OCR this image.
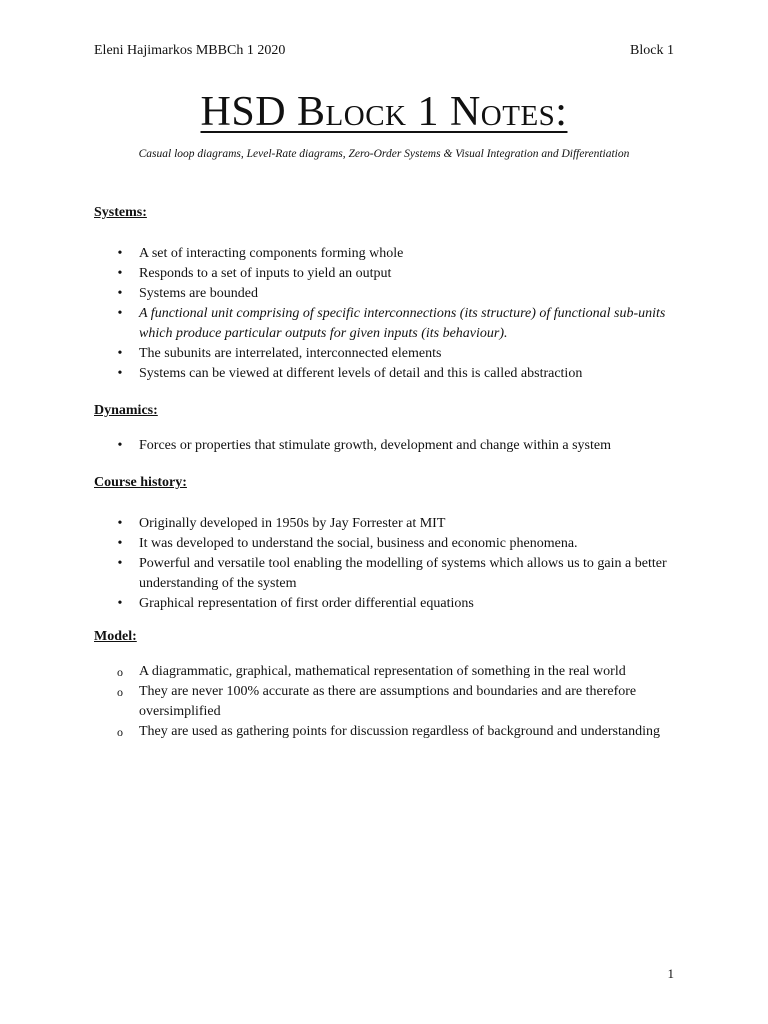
Eleni Hajimarkos MBBCh 1 2020	Block 1
HSD Block 1 Notes:
Casual loop diagrams, Level-Rate diagrams, Zero-Order Systems & Visual Integration and Differentiation

Systems:

• A set of interacting components forming whole
• Responds to a set of inputs to yield an output
• Systems are bounded
• A functional unit comprising of specific interconnections (its structure) of functional sub-units which produce particular outputs for given inputs (its behaviour).
• The subunits are interrelated, interconnected elements
• Systems can be viewed at different levels of detail and this is called abstraction

Dynamics:

• Forces or properties that stimulate growth, development and change within a system

Course history:

• Originally developed in 1950s by Jay Forrester at MIT
• It was developed to understand the social, business and economic phenomena.
• Powerful and versatile tool enabling the modelling of systems which allows us to gain a better understanding of the system
• Graphical representation of first order differential equations

Model:

o A diagrammatic, graphical, mathematical representation of something in the real world
o They are never 100% accurate as there are assumptions and boundaries and are therefore oversimplified
o They are used as gathering points for discussion regardless of background and understanding
1
